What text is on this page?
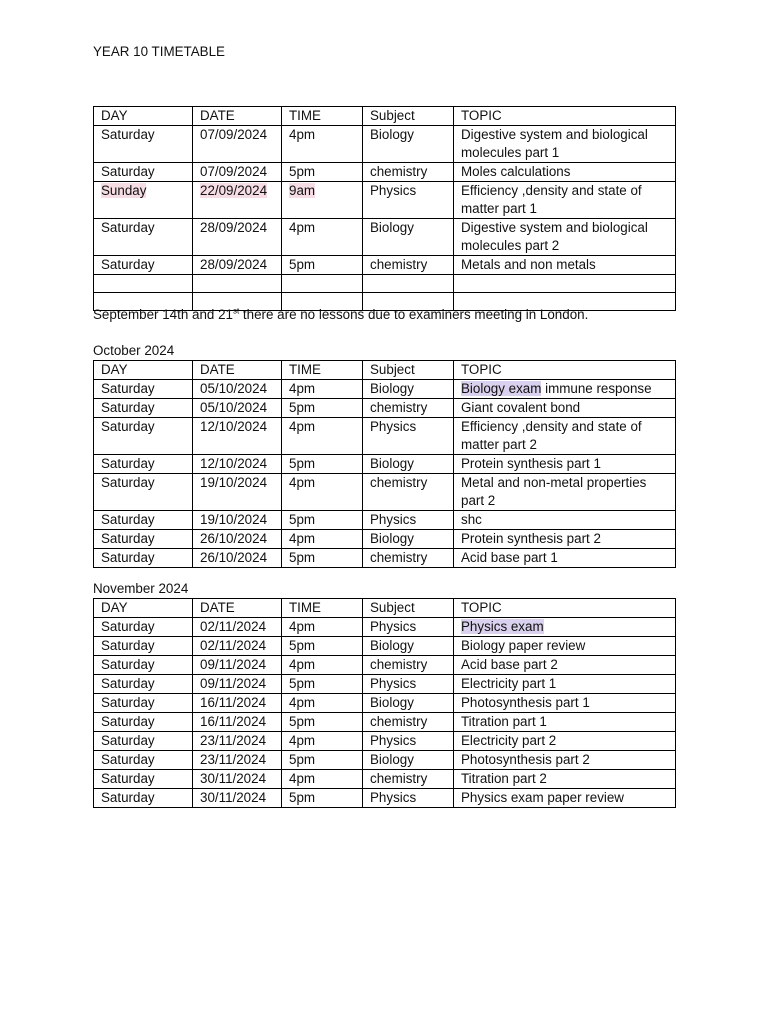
YEAR 10 TIMETABLE

DAY	DATE	TIME	Subject	TOPIC
Saturday	07/09/2024	4pm	Biology	Digestive system and biological molecules part 1
Saturday	07/09/2024	5pm	chemistry	Moles calculations
Sunday	22/09/2024	9am	Physics	Efficiency ,density and state of matter part 1
Saturday	28/09/2024	4pm	Biology	Digestive system and biological molecules part 2
Saturday	28/09/2024	5pm	chemistry	Metals and non metals

September 14th and 21st there are no lessons due to examiners meeting in London.

October 2024

DAY	DATE	TIME	Subject	TOPIC
Saturday	05/10/2024	4pm	Biology	Biology exam immune response
Saturday	05/10/2024	5pm	chemistry	Giant covalent bond
Saturday	12/10/2024	4pm	Physics	Efficiency ,density and state of matter part 2
Saturday	12/10/2024	5pm	Biology	Protein synthesis part 1
Saturday	19/10/2024	4pm	chemistry	Metal and non-metal properties part 2
Saturday	19/10/2024	5pm	Physics	shc
Saturday	26/10/2024	4pm	Biology	Protein synthesis part 2
Saturday	26/10/2024	5pm	chemistry	Acid base part 1

November 2024

DAY	DATE	TIME	Subject	TOPIC
Saturday	02/11/2024	4pm	Physics	Physics exam
Saturday	02/11/2024	5pm	Biology	Biology paper review
Saturday	09/11/2024	4pm	chemistry	Acid base part 2
Saturday	09/11/2024	5pm	Physics	Electricity part 1
Saturday	16/11/2024	4pm	Biology	Photosynthesis part 1
Saturday	16/11/2024	5pm	chemistry	Titration part 1
Saturday	23/11/2024	4pm	Physics	Electricity part 2
Saturday	23/11/2024	5pm	Biology	Photosynthesis part 2
Saturday	30/11/2024	4pm	chemistry	Titration part 2
Saturday	30/11/2024	5pm	Physics	Physics exam paper review
